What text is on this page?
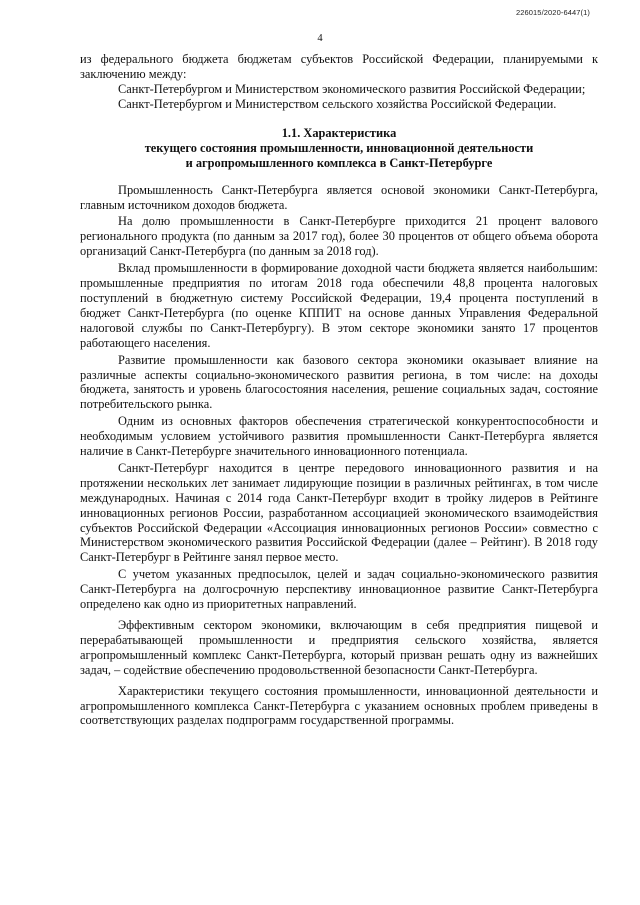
226015/2020-6447(1)
4

из федерального бюджета бюджетам субъектов Российской Федерации, планируемыми к заключению между:

Санкт-Петербургом и Министерством экономического развития Российской Федерации;

Санкт-Петербургом и Министерством сельского хозяйства Российской Федерации.

1.1. Характеристика
текущего состояния промышленности, инновационной деятельности
и агропромышленного комплекса в Санкт-Петербурге

Промышленность Санкт-Петербурга является основой экономики Санкт-Петербурга, главным источником доходов бюджета.

На долю промышленности в Санкт-Петербурге приходится 21 процент валового регионального продукта (по данным за 2017 год), более 30 процентов от общего объема оборота организаций Санкт-Петербурга (по данным за 2018 год).

Вклад промышленности в формирование доходной части бюджета является наибольшим: промышленные предприятия по итогам 2018 года обеспечили 48,8 процента налоговых поступлений в бюджетную систему Российской Федерации, 19,4 процента поступлений в бюджет Санкт-Петербурга (по оценке КППИТ на основе данных Управления Федеральной налоговой службы по Санкт-Петербургу). В этом секторе экономики занято 17 процентов работающего населения.

Развитие промышленности как базового сектора экономики оказывает влияние на различные аспекты социально-экономического развития региона, в том числе: на доходы бюджета, занятость и уровень благосостояния населения, решение социальных задач, состояние потребительского рынка.

Одним из основных факторов обеспечения стратегической конкурентоспособности и необходимым условием устойчивого развития промышленности Санкт-Петербурга является наличие в Санкт-Петербурге значительного инновационного потенциала.

Санкт-Петербург находится в центре передового инновационного развития и на протяжении нескольких лет занимает лидирующие позиции в различных рейтингах, в том числе международных. Начиная с 2014 года Санкт-Петербург входит в тройку лидеров в Рейтинге инновационных регионов России, разработанном ассоциацией экономического взаимодействия субъектов Российской Федерации «Ассоциация инновационных регионов России» совместно с Министерством экономического развития Российской Федерации (далее – Рейтинг). В 2018 году Санкт-Петербург в Рейтинге занял первое место.

С учетом указанных предпосылок, целей и задач социально-экономического развития Санкт-Петербурга на долгосрочную перспективу инновационное развитие Санкт-Петербурга определено как одно из приоритетных направлений.

Эффективным сектором экономики, включающим в себя предприятия пищевой и перерабатывающей промышленности и предприятия сельского хозяйства, является агропромышленный комплекс Санкт-Петербурга, который призван решать одну из важнейших задач, – содействие обеспечению продовольственной безопасности Санкт-Петербурга.

Характеристики текущего состояния промышленности, инновационной деятельности и агропромышленного комплекса Санкт-Петербурга с указанием основных проблем приведены в соответствующих разделах подпрограмм государственной программы.
